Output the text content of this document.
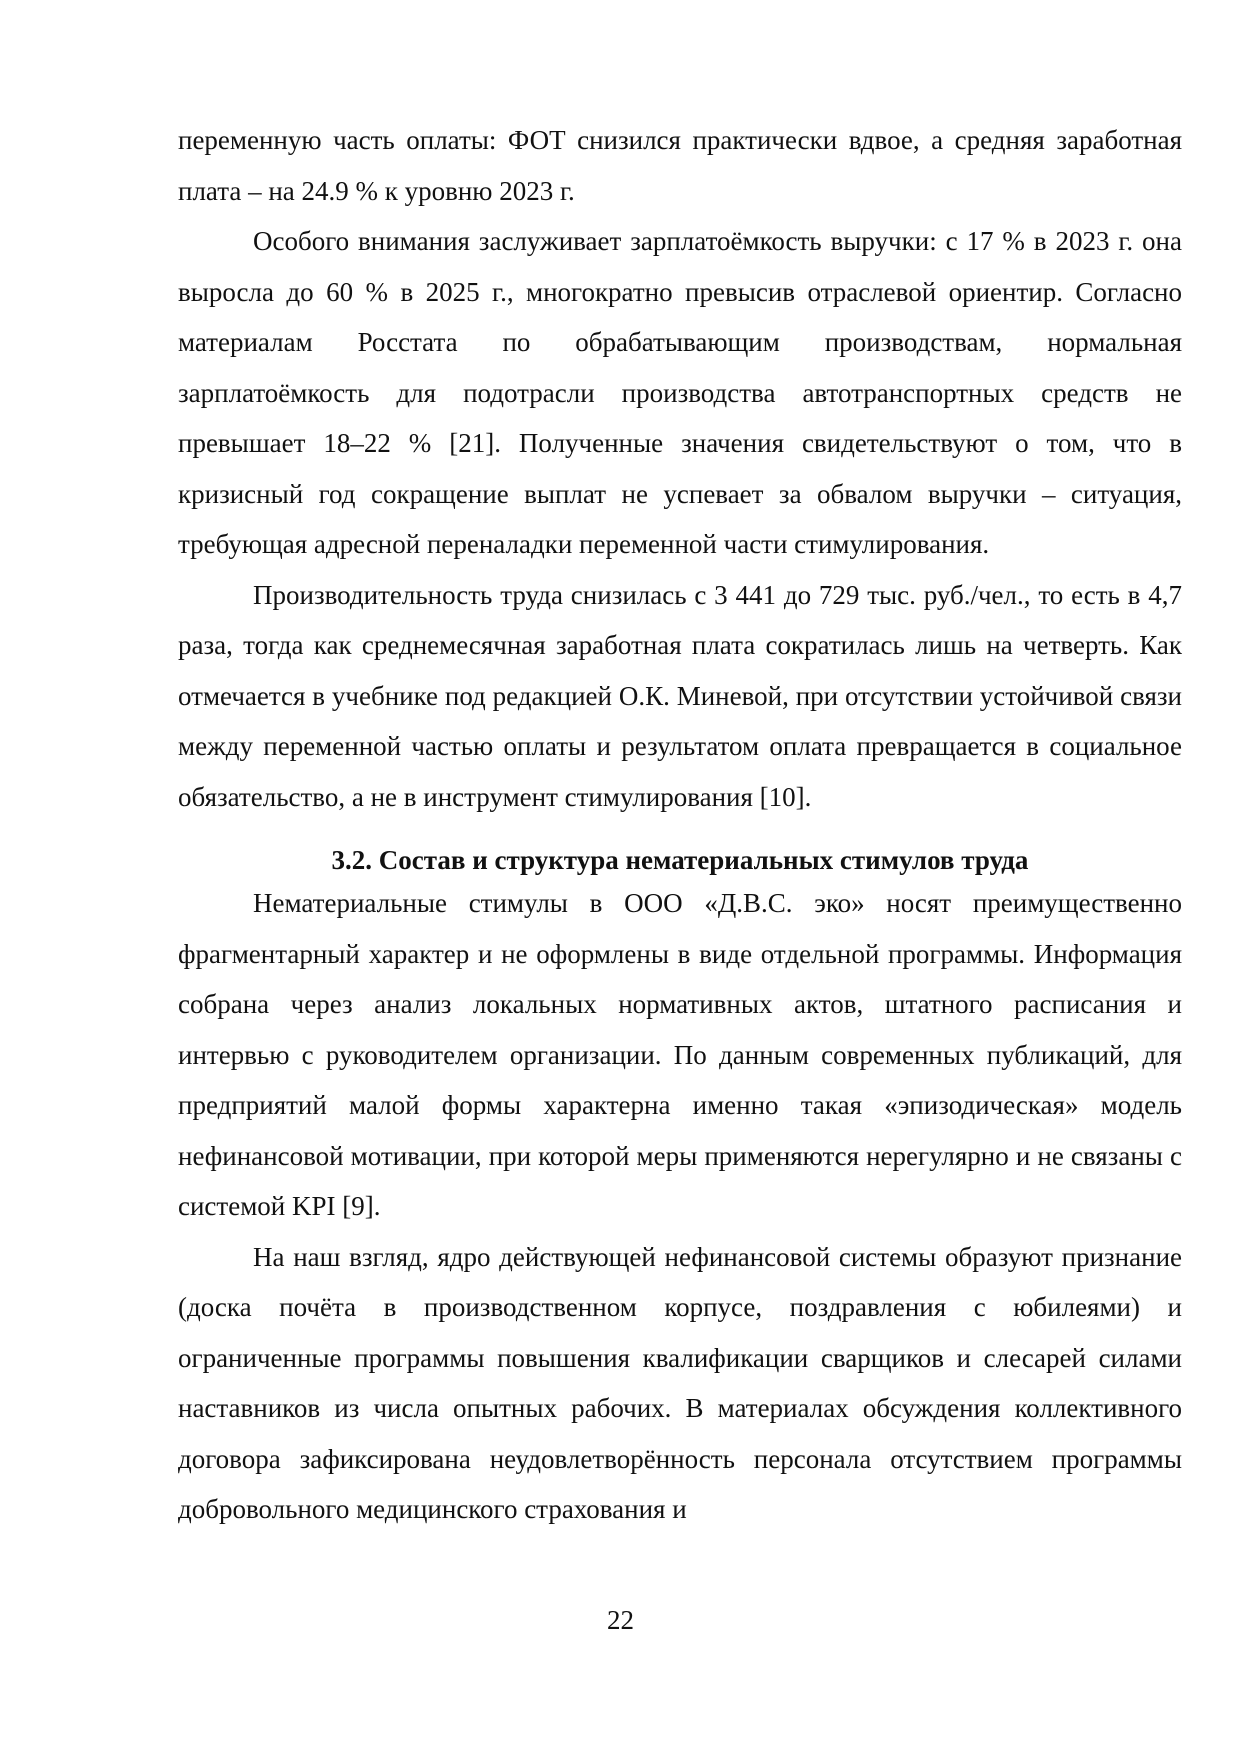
переменную часть оплаты: ФОТ снизился практически вдвое, а средняя заработная плата – на 24.9 % к уровню 2023 г.

Особого внимания заслуживает зарплатоёмкость выручки: с 17 % в 2023 г. она выросла до 60 % в 2025 г., многократно превысив отраслевой ориентир. Согласно материалам Росстата по обрабатывающим производствам, нормальная зарплатоёмкость для подотрасли производства автотранспортных средств не превышает 18–22 % [21]. Полученные значения свидетельствуют о том, что в кризисный год сокращение выплат не успевает за обвалом выручки – ситуация, требующая адресной переналадки переменной части стимулирования.

Производительность труда снизилась с 3 441 до 729 тыс. руб./чел., то есть в 4,7 раза, тогда как среднемесячная заработная плата сократилась лишь на четверть. Как отмечается в учебнике под редакцией О.К. Миневой, при отсутствии устойчивой связи между переменной частью оплаты и результатом оплата превращается в социальное обязательство, а не в инструмент стимулирования [10].

3.2. Состав и структура нематериальных стимулов труда

Нематериальные стимулы в ООО «Д.В.С. эко» носят преимущественно фрагментарный характер и не оформлены в виде отдельной программы. Информация собрана через анализ локальных нормативных актов, штатного расписания и интервью с руководителем организации. По данным современных публикаций, для предприятий малой формы характерна именно такая «эпизодическая» модель нефинансовой мотивации, при которой меры применяются нерегулярно и не связаны с системой KPI [9].

На наш взгляд, ядро действующей нефинансовой системы образуют признание (доска почёта в производственном корпусе, поздравления с юбилеями) и ограниченные программы повышения квалификации сварщиков и слесарей силами наставников из числа опытных рабочих. В материалах обсуждения коллективного договора зафиксирована неудовлетворённость персонала отсутствием программы добровольного медицинского страхования и

22
